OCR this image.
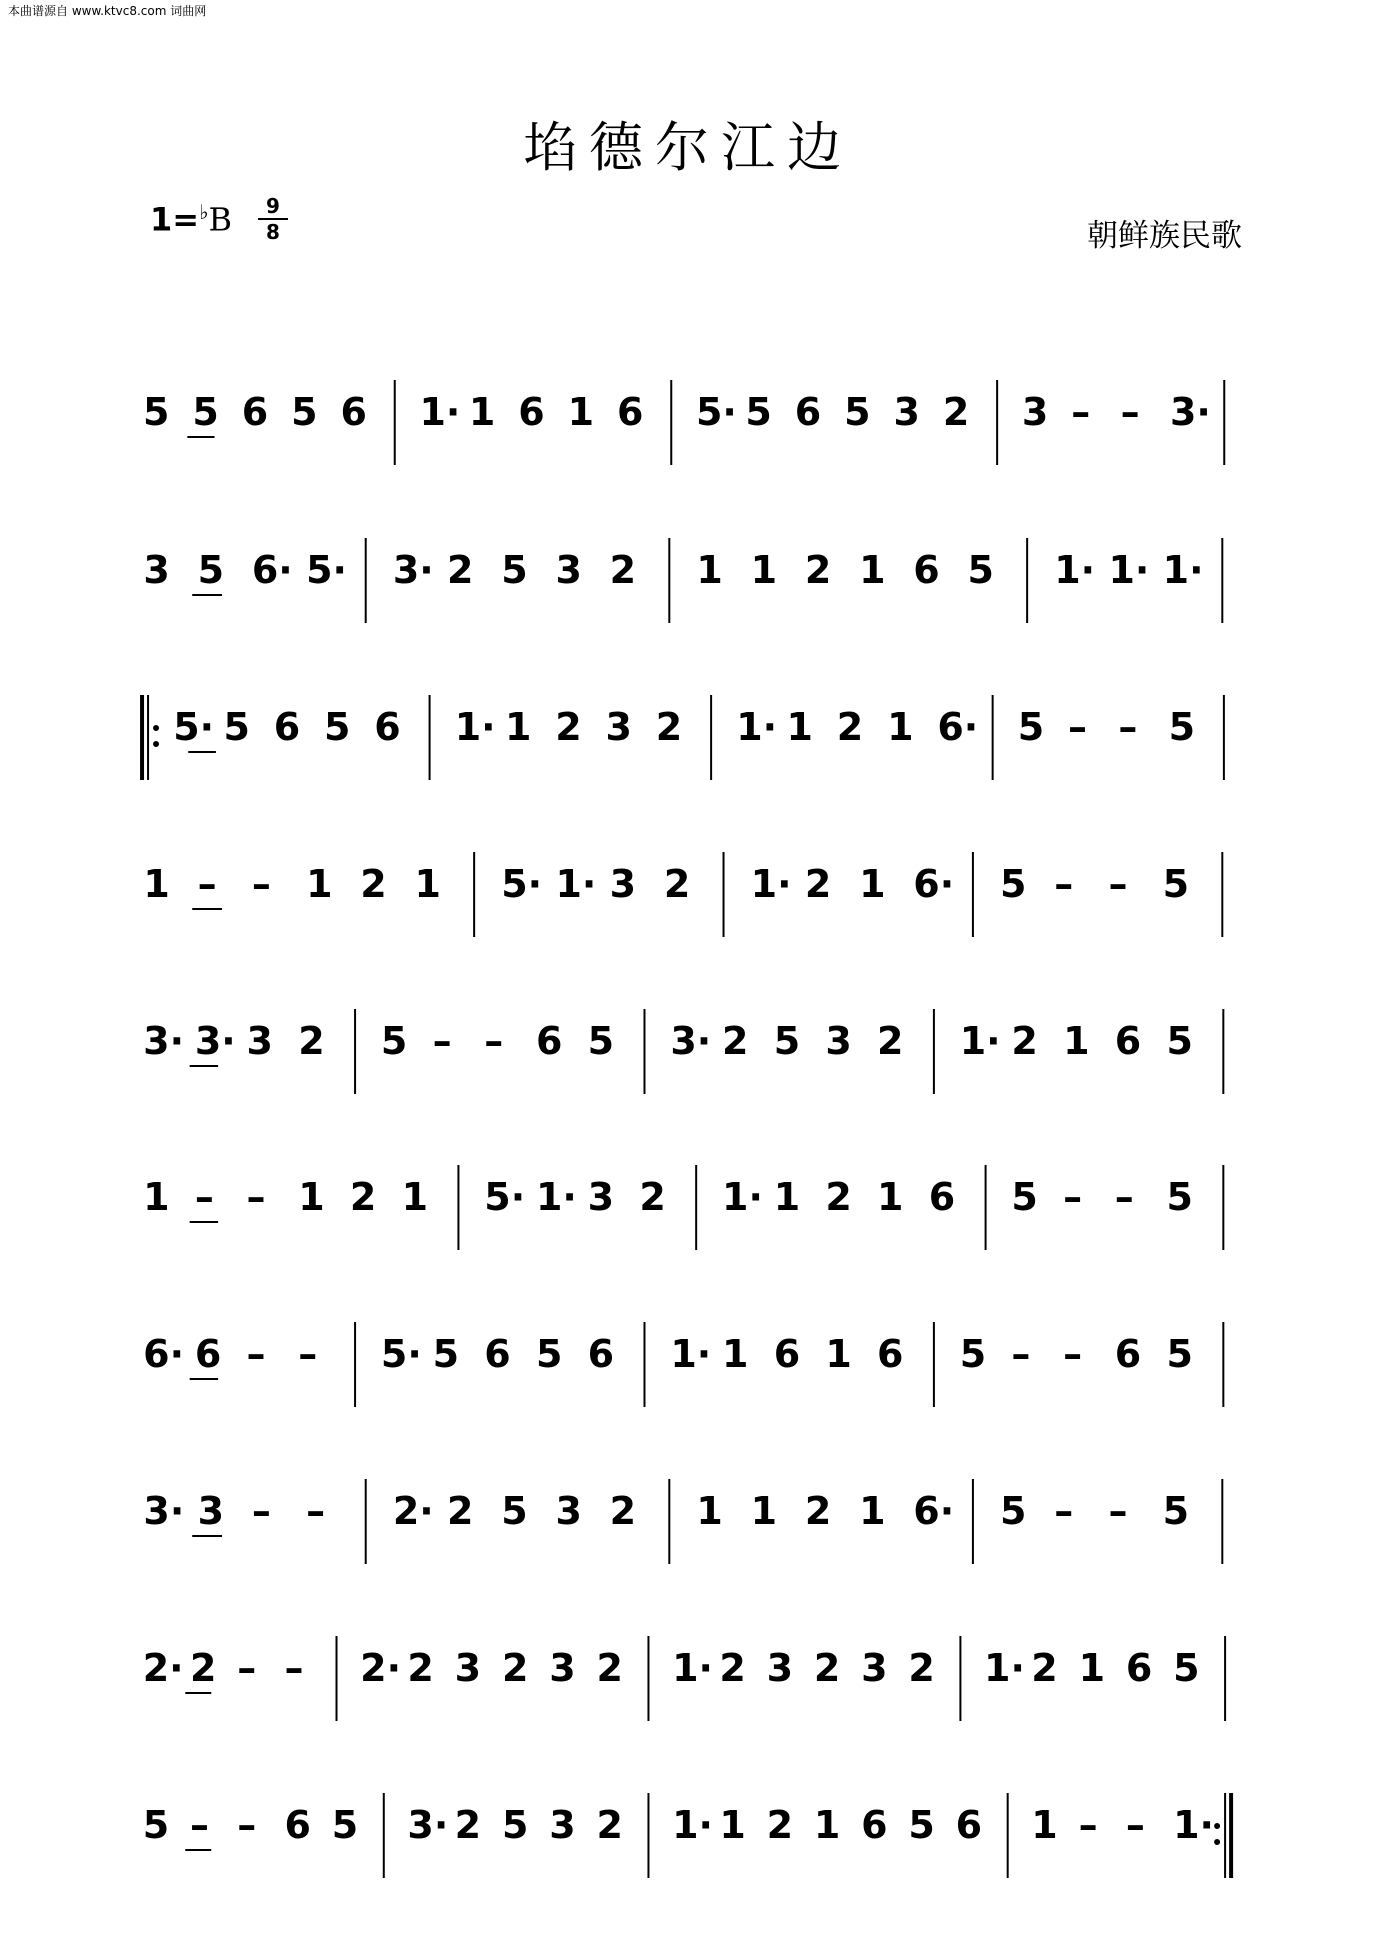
本曲谱源自 www.ktvc8.com 词曲网
埳德尔江边
1=♭B	9
8	朝鲜族民歌
5 5 6 5 6 1· 1 6 1 6 5· 5 6 5 3 2 3 – – 3·
3 5 6· 5· 3· 2 5 3 2 1 1 2 1 6 5 1· 1· 1·
5· 5 6 5 6 1· 1 2 3 2 1· 1 2 1 6· 5 – – 5
1 – – 1 2 1 5· 1· 3 2 1· 2 1 6· 5 – – 5
3· 3· 3 2 5 – – 6 5 3· 2 5 3 2 1· 2 1 6 5
1 – – 1 2 1 5· 1· 3 2 1· 1 2 1 6 5 – – 5
6· 6 – – 5· 5 6 5 6 1· 1 6 1 6 5 – – 6 5
3· 3 – – 2· 2 5 3 2 1 1 2 1 6· 5 – – 5
2· 2 – – 2· 2 3 2 3 2 1· 2 3 2 3 2 1· 2 1 6 5
5 – – 6 5 3· 2 5 3 2 1· 1 2 1 6 5 6 1 – – 1·
